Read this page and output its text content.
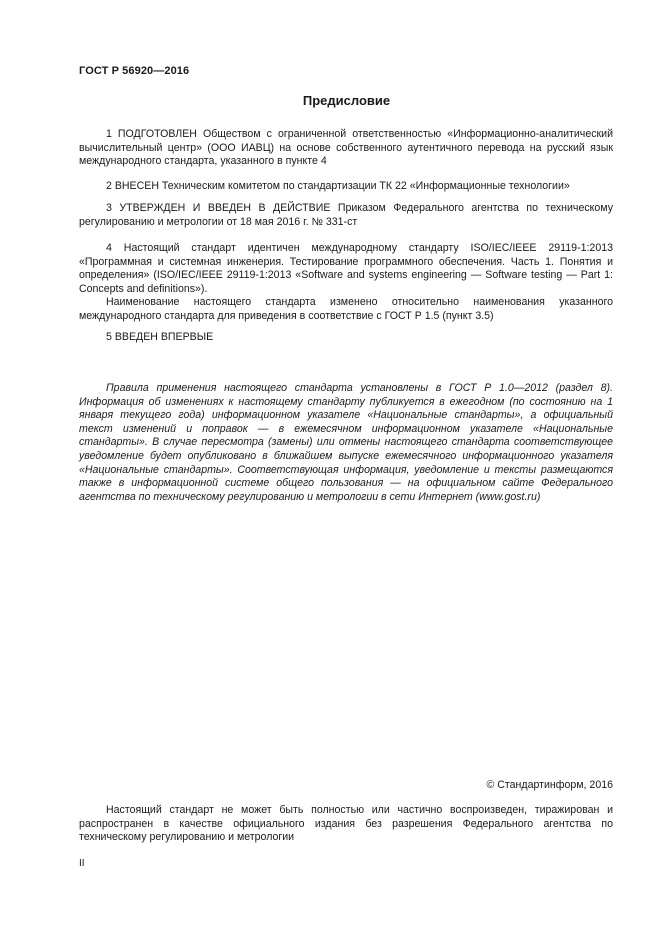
ГОСТ Р 56920—2016
Предисловие

1 ПОДГОТОВЛЕН Обществом с ограниченной ответственностью «Информационно-аналитический вычислительный центр» (ООО ИАВЦ) на основе собственного аутентичного перевода на русский язык международного стандарта, указанного в пункте 4

2 ВНЕСЕН Техническим комитетом по стандартизации ТК 22 «Информационные технологии»

3 УТВЕРЖДЕН И ВВЕДЕН В ДЕЙСТВИЕ Приказом Федерального агентства по техническому регулированию и метрологии от 18 мая 2016 г. № 331-ст

4 Настоящий стандарт идентичен международному стандарту ISO/IEC/IEEE 29119-1:2013 «Программная и системная инженерия. Тестирование программного обеспечения. Часть 1. Понятия и определения» (ISO/IEC/IEEE 29119-1:2013 «Software and systems engineering — Software testing — Part 1: Concepts and definitions»).

Наименование настоящего стандарта изменено относительно наименования указанного международного стандарта для приведения в соответствие с ГОСТ Р 1.5 (пункт 3.5)

5 ВВЕДЕН ВПЕРВЫЕ

Правила применения настоящего стандарта установлены в ГОСТ Р 1.0—2012 (раздел 8). Информация об изменениях к настоящему стандарту публикуется в ежегодном (по состоянию на 1 января текущего года) информационном указателе «Национальные стандарты», а официальный текст изменений и поправок — в ежемесячном информационном указателе «Национальные стандарты». В случае пересмотра (замены) или отмены настоящего стандарта соответствующее уведомление будет опубликовано в ближайшем выпуске ежемесячного информационного указателя «Национальные стандарты». Соответствующая информация, уведомление и тексты размещаются также в информационной системе общего пользования — на официальном сайте Федерального агентства по техническому регулированию и метрологии в сети Интернет (www.gost.ru)

© Стандартинформ, 2016

Настоящий стандарт не может быть полностью или частично воспроизведен, тиражирован и распространен в качестве официального издания без разрешения Федерального агентства по техническому регулированию и метрологии

II
